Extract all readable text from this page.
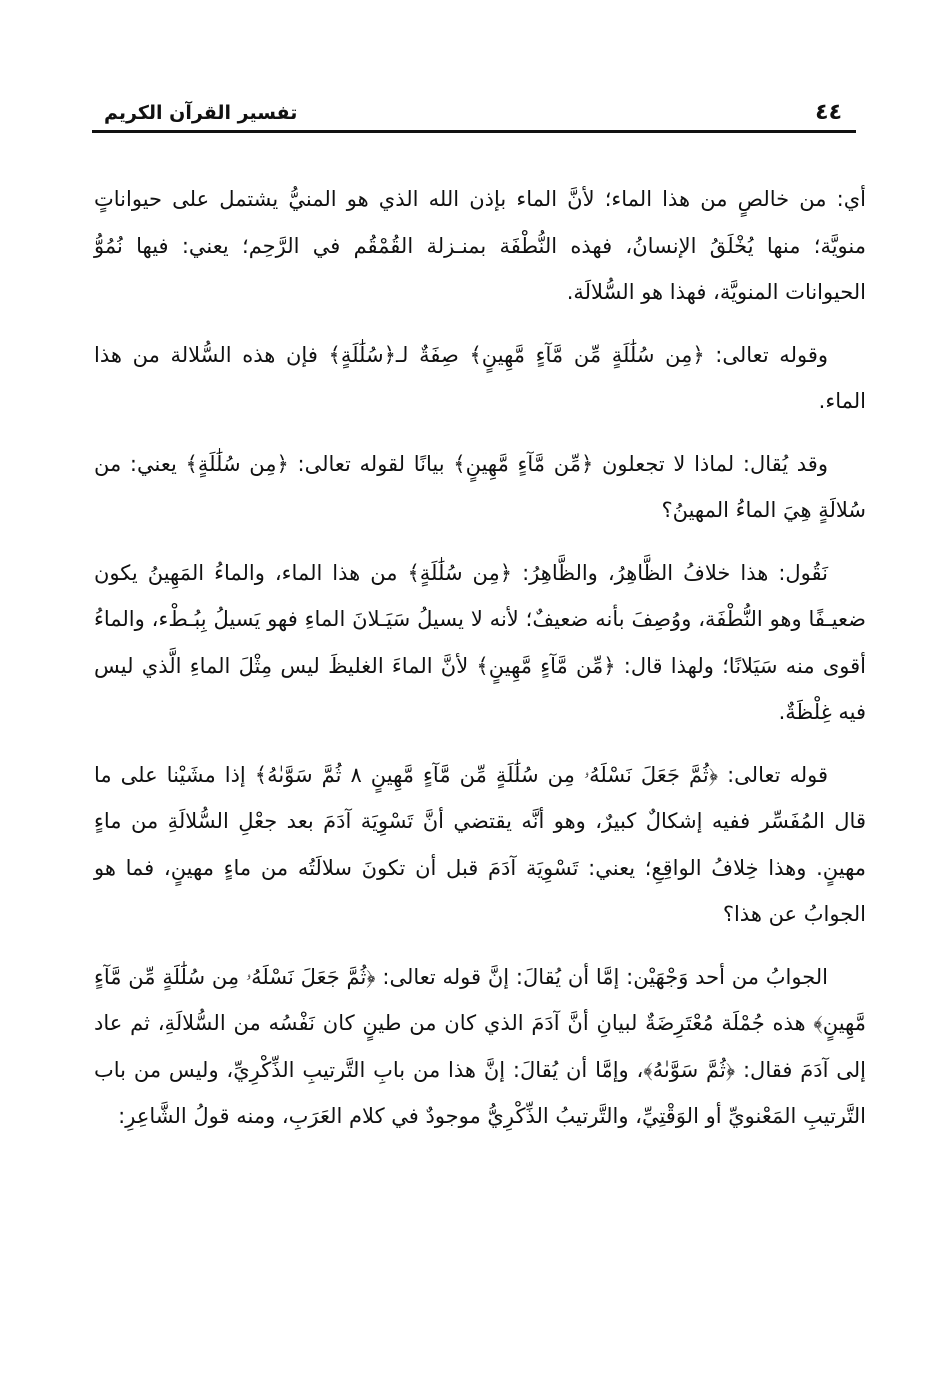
٤٤
تفسير القرآن الكريم

أي: من خالصٍ من هذا الماء؛ لأنَّ الماء بإذن الله الذي هو المنيُّ يشتمل على حيواناتٍ منويَّة؛ منها يُخْلَقُ الإنسانُ، فهذه النُّطْفَة بمنـزلة القُمْقُم في الرَّحِم؛ يعني: فيها نُمُوُّ الحيوانات المنويَّة، فهذا هو السُّلالَة.

وقوله تعالى: ﴿مِن سُلَٰلَةٍ مِّن مَّآءٍ مَّهِينٍ﴾ صِفَةٌ لـ﴿سُلَٰلَةٍ﴾ فإن هذه السُّلالة من هذا الماء.

وقد يُقال: لماذا لا تجعلون ﴿مِّن مَّآءٍ مَّهِينٍ﴾ بيانًا لقوله تعالى: ﴿مِن سُلَٰلَةٍ﴾ يعني: من سُلالَةٍ هِيَ الماءُ المهينُ؟

نَقُول: هذا خلافُ الظَّاهِرُ، والظَّاهِرُ: ﴿مِن سُلَٰلَةٍ﴾ من هذا الماء، والماءُ المَهِينُ يكون ضعيـفًا وهو النُّطْفَة، ووُصِفَ بأنه ضعيفٌ؛ لأنه لا يسيلُ سَيَـلانَ الماءِ فهو يَسيلُ بِبُـطْء، والماءُ أقوى منه سَيَلانًا؛ ولهذا قال: ﴿مِّن مَّآءٍ مَّهِينٍ﴾ لأنَّ الماءَ الغليظَ ليس مِثْلَ الماءِ الَّذي ليس فيه غِلْظَةٌ.

قوله تعالى: ﴿ثُمَّ جَعَلَ نَسْلَهُۥ مِن سُلَٰلَةٍ مِّن مَّآءٍ مَّهِينٍ ٨ ثُمَّ سَوَّىٰهُ﴾ إذا مشَيْنا على ما قال المُفَسِّر ففيه إشكالٌ كبيرٌ، وهو أنَّه يقتضي أنَّ تَسْوِيَة آدَمَ بعد جعْلِ السُّلالَةِ من ماءٍ مهينٍ. وهذا خِلافُ الواقِعِ؛ يعني: تَسْوِيَة آدَمَ قبل أن تكونَ سلالَتُه من ماءٍ مهينٍ، فما هو الجوابُ عن هذا؟

الجوابُ من أحد وَجْهَيْن: إمَّا أن يُقالَ: إنَّ قوله تعالى: ﴿ثُمَّ جَعَلَ نَسْلَهُۥ مِن سُلَٰلَةٍ مِّن مَّآءٍ مَّهِينٍ﴾ هذه جُمْلَة مُعْتَرِضَةٌ لبيانِ أنَّ آدَمَ الذي كان من طينٍ كان نَفْسُه من السُّلالَةِ، ثم عاد إلى آدَمَ فقال: ﴿ثُمَّ سَوَّىٰهُ﴾، وإمَّا أن يُقالَ: إنَّ هذا من بابِ التَّرتيبِ الذِّكْرِيِّ، وليس من باب التَّرتيبِ المَعْنويِّ أو الوَقْتِيِّ، والتَّرتيبُ الذِّكْرِيُّ موجودٌ في كلام العَرَبِ، ومنه قولُ الشَّاعِرِ:
